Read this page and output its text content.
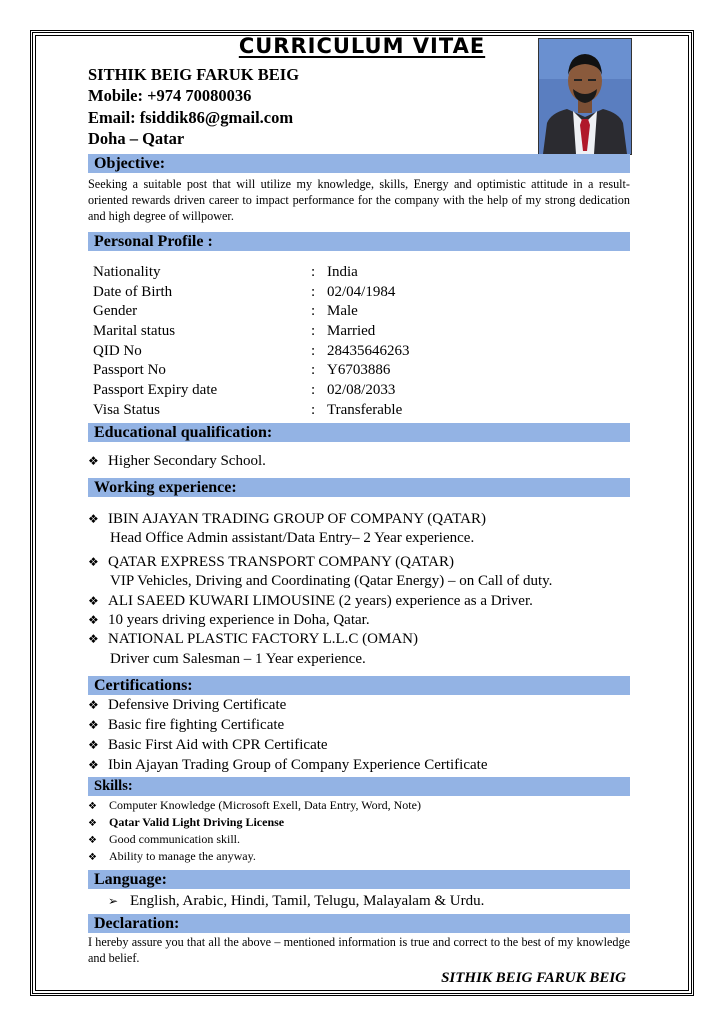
CURRICULUM VITAE
SITHIK BEIG FARUK BEIG
Mobile: +974 70080036
Email: fsiddik86@gmail.com
Doha – Qatar
Objective:
Seeking a suitable post that will utilize my knowledge, skills, Energy and optimistic attitude in a result-oriented rewards driven career to impact performance for the company with the help of my strong dedication and high degree of willpower.
Personal Profile :
Nationality	: India
Date of Birth	: 02/04/1984
Gender	: Male
Marital status	: Married
QID No	: 28435646263
Passport No	: Y6703886
Passport Expiry date	: 02/08/2033
Visa Status	: Transferable
Educational qualification:
❖ Higher Secondary School.
Working experience:
❖ IBIN AJAYAN TRADING GROUP OF COMPANY (QATAR)
Head Office Admin assistant/Data Entry– 2 Year experience.
❖ QATAR EXPRESS TRANSPORT COMPANY (QATAR)
VIP Vehicles, Driving and Coordinating (Qatar Energy) – on Call of duty.
❖ ALI SAEED KUWARI LIMOUSINE (2 years) experience as a Driver.
❖ 10 years driving experience in Doha, Qatar.
❖ NATIONAL PLASTIC FACTORY L.L.C (OMAN)
Driver cum Salesman – 1 Year experience.
Certifications:
❖ Defensive Driving Certificate
❖ Basic fire fighting Certificate
❖ Basic First Aid with CPR Certificate
❖ Ibin Ajayan Trading Group of Company Experience Certificate
Skills:
❖ Computer Knowledge (Microsoft Exell, Data Entry, Word, Note)
❖ Qatar Valid Light Driving License
❖ Good communication skill.
❖ Ability to manage the anyway.
Language:
➢ English, Arabic, Hindi, Tamil, Telugu, Malayalam & Urdu.
Declaration:
I hereby assure you that all the above – mentioned information is true and correct to the best of my knowledge and belief.
SITHIK BEIG FARUK BEIG
